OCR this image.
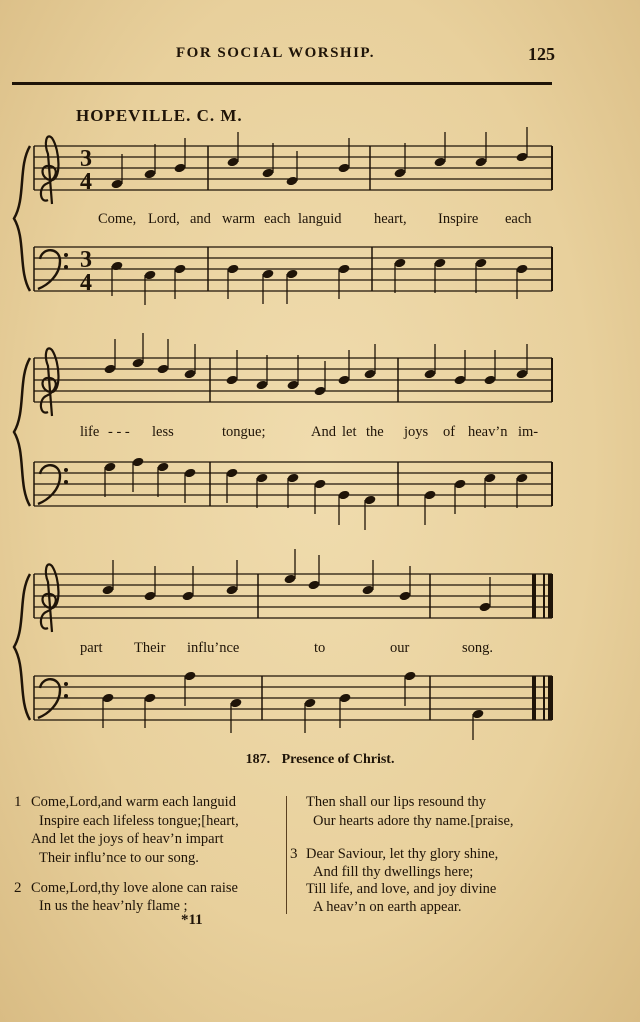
FOR SOCIAL WORSHIP.	125
HOPEVILLE. C. M.
3
4
3
4
Come, Lord, and warm each languid heart, Inspire each
life - - - less	tongue;	And let the joys of heav’n im-
part Their influ’nce	to	our	song.
187. Presence of Christ.
1 Come,Lord,and warm each languid
Inspire each lifeless tongue;[heart,
And let the joys of heav’n impart
Their influ’nce to our song.
2 Come,Lord,thy love alone can raise
In us the heav’nly flame ;
Then shall our lips resound thy
Our hearts adore thy name.[praise,
3 Dear Saviour, let thy glory shine,
And fill thy dwellings here;
Till life, and love, and joy divine
A heav’n on earth appear.
*11
